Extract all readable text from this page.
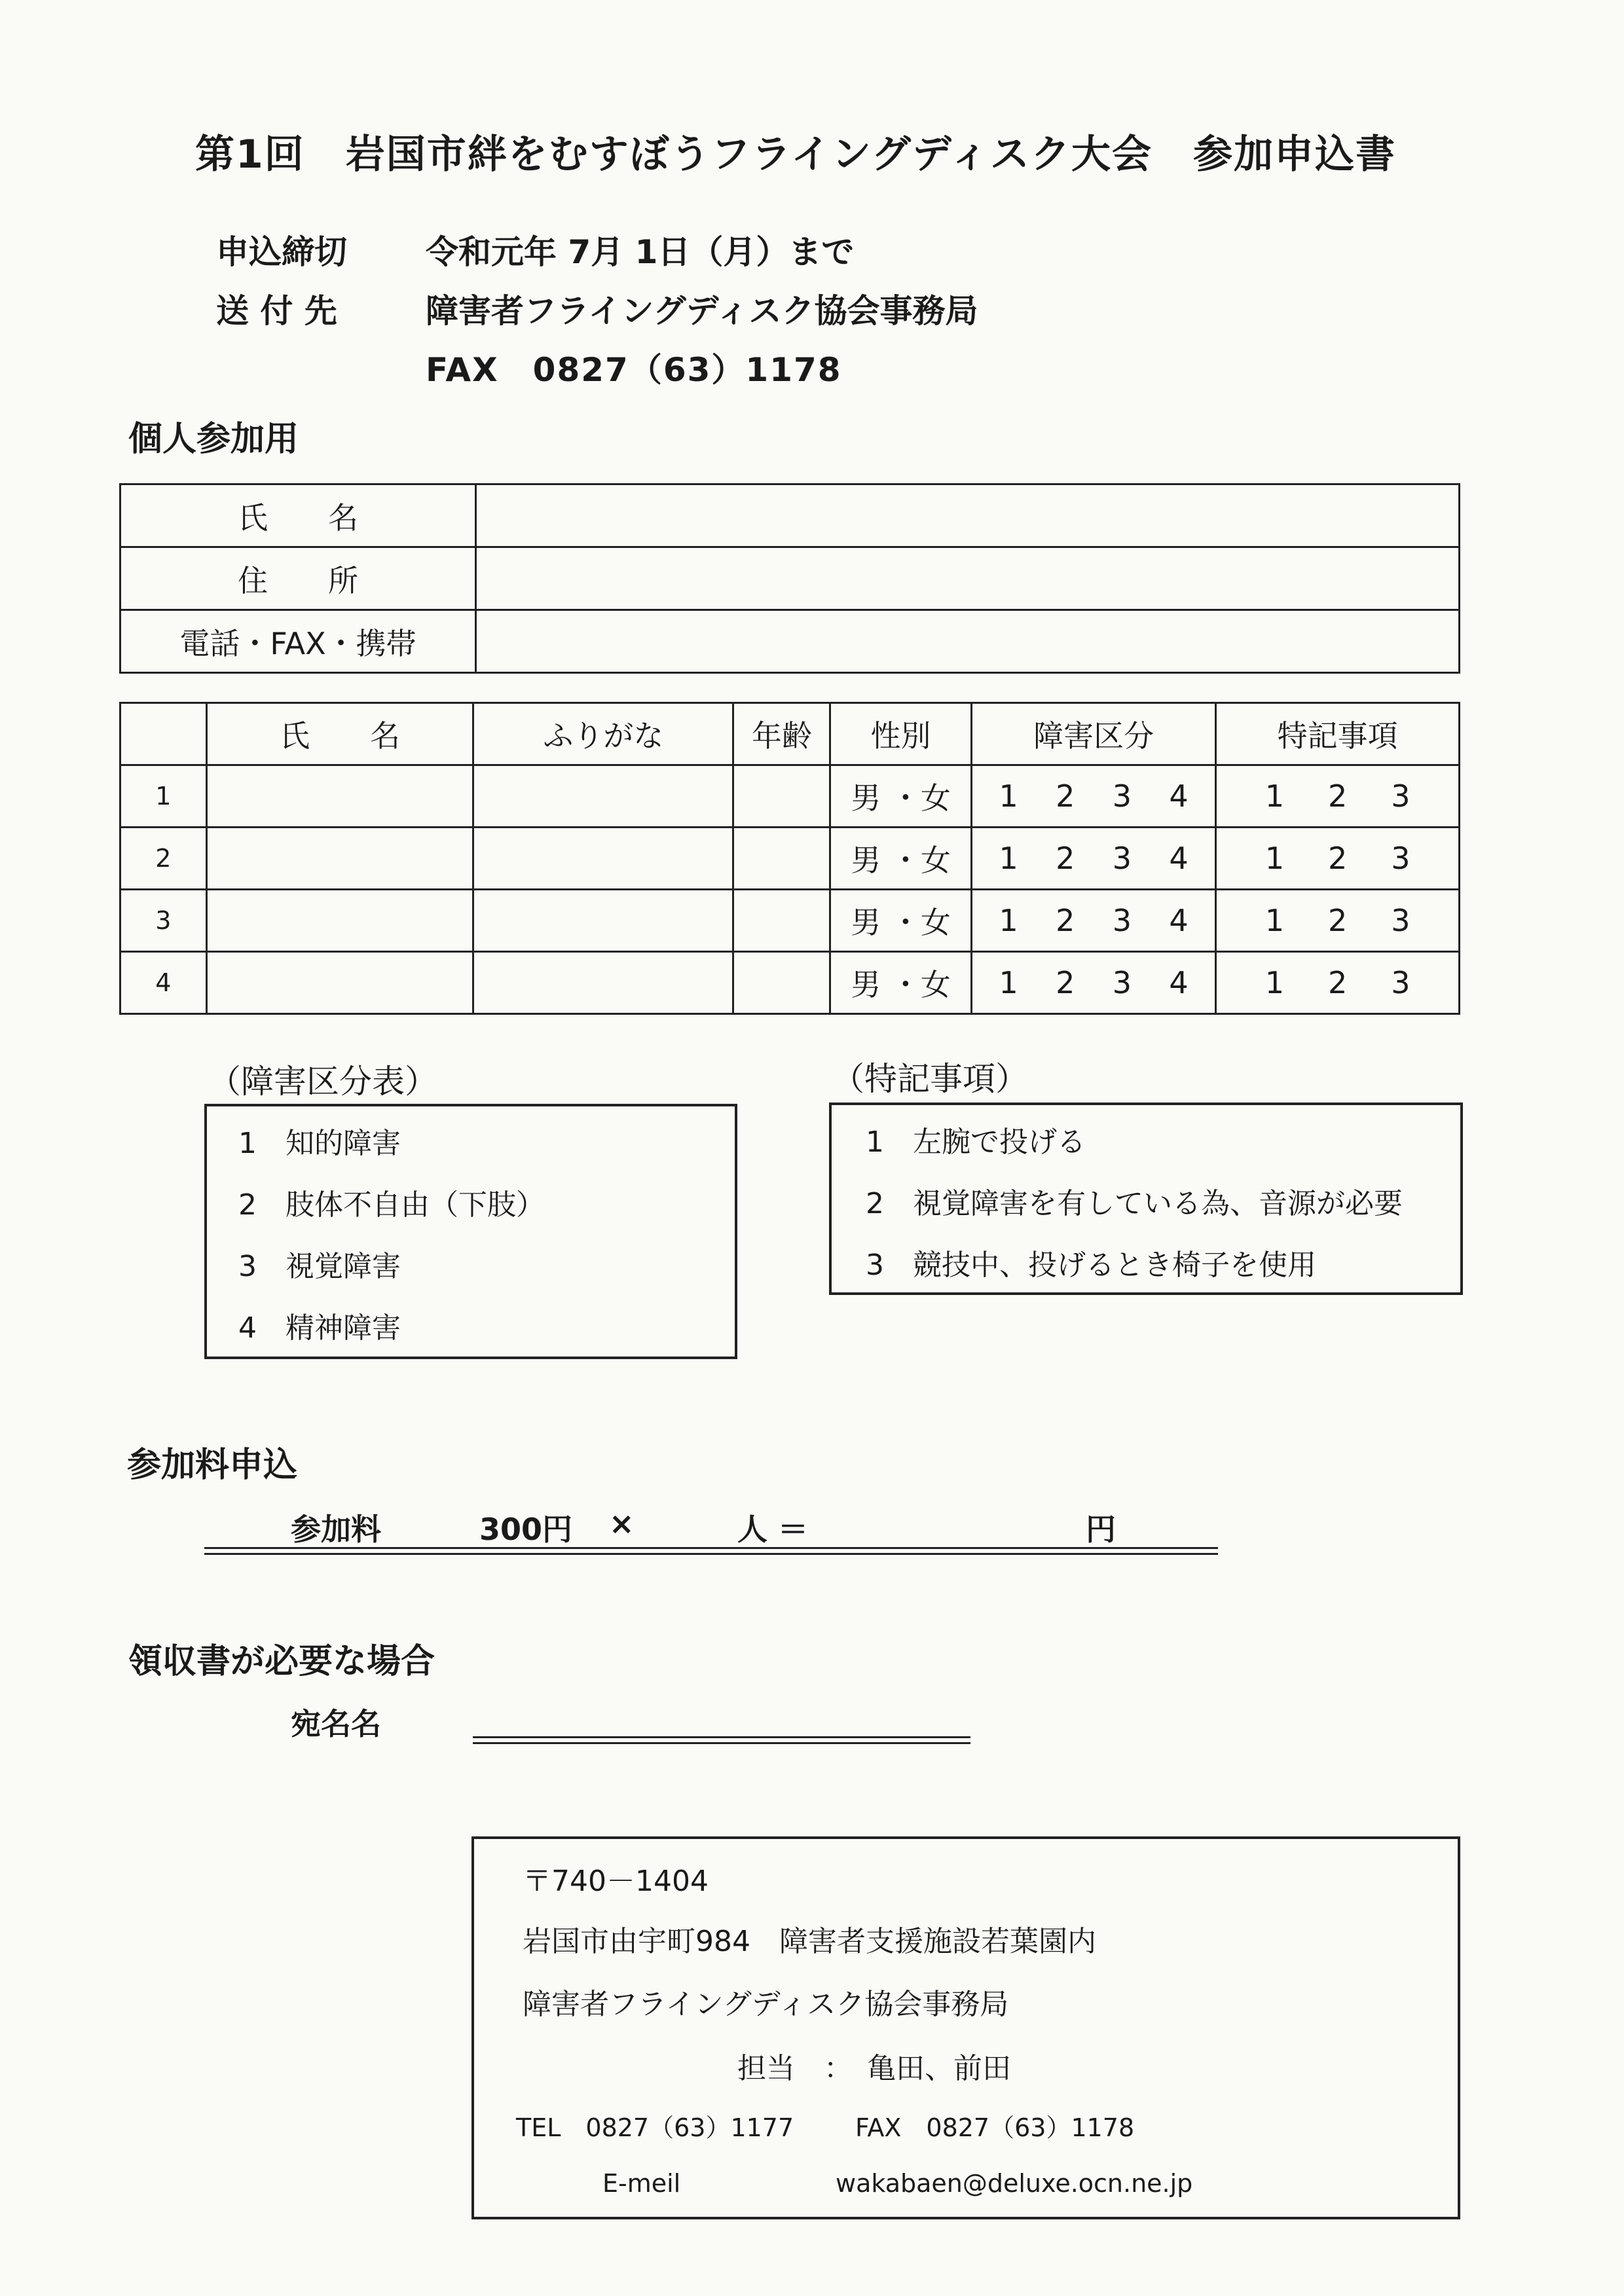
第1回　岩国市絆をむすぼうフライングディスク大会　参加申込書
申込締切 令和元年 7月 1日（月）まで
送 付 先	障害者フライングディスク協会事務局
FAX　0827（63）1178
個人参加用
氏　　名	
住　　所	
電話・FAX・携帯	
	氏　　名	ふりがな	年齢	性別	障害区分	特記事項
1				男 ・女	1 2 3 4	1 2 3

2				男 ・女	1 2 3 4	1 2 3

3				男 ・女	1 2 3 4	1 2 3

4				男 ・女	1 2 3 4	1 2 3
（障害区分表）
1　知的障害
2　肢体不自由（下肢）
3　視覚障害
4　精神障害
（特記事項）
1　左腕で投げる
2　視覚障害を有している為、音源が必要
3　競技中、投げるとき椅子を使用
参加料申込
参加料	300円 ×	人 ＝	円
領収書が必要な場合
宛名名
〒740－1404
岩国市由宇町984　障害者支援施設若葉園内
障害者フライングディスク協会事務局
担当　：　亀田、前田
TEL　0827（63）1177 FAX　0827（63）1178
E-meil	wakabaen@deluxe.ocn.ne.jp
